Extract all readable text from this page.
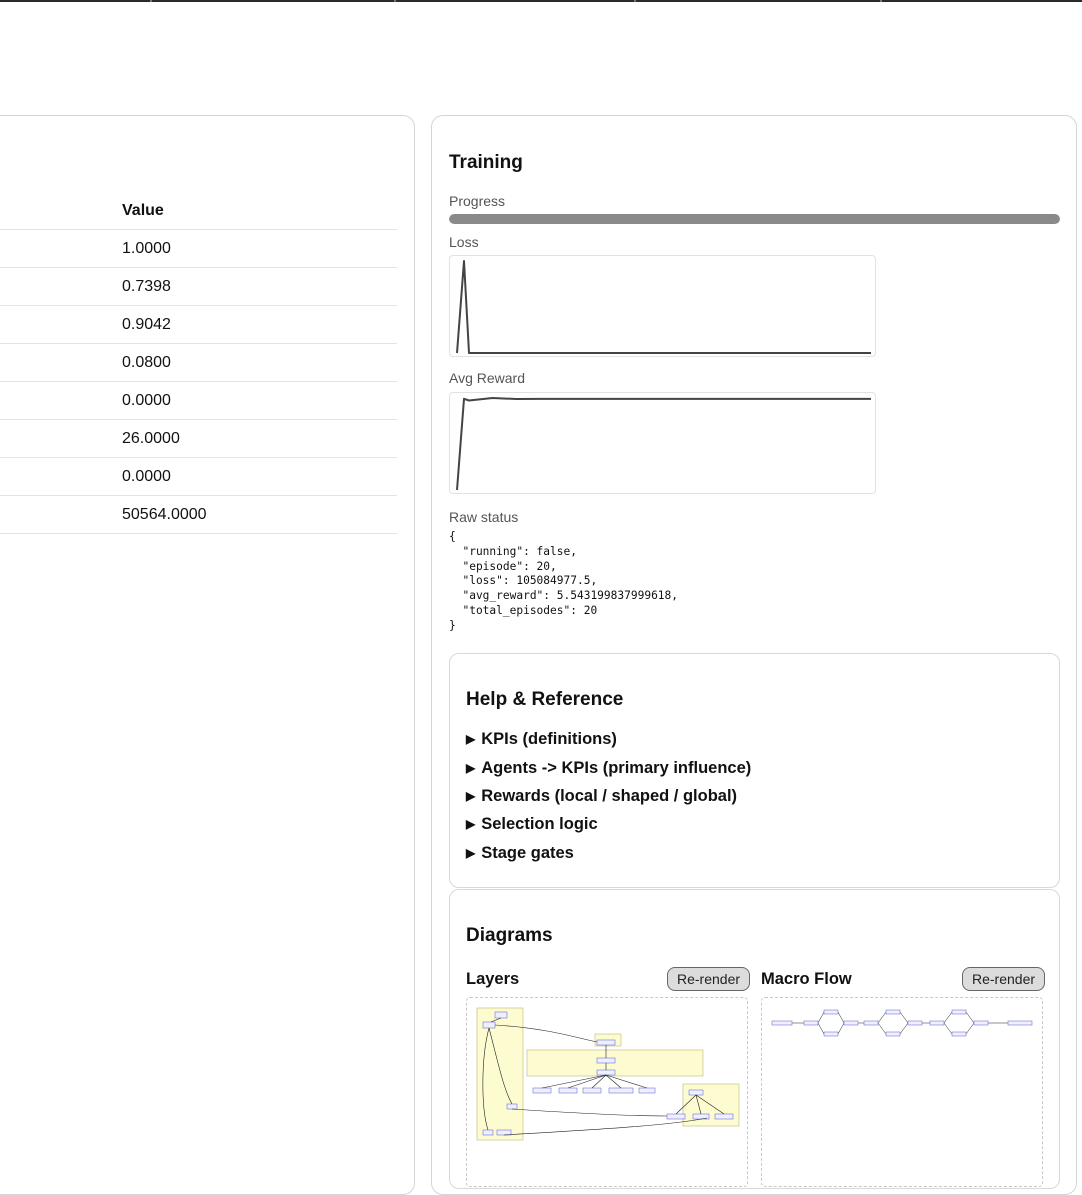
Value
1.0000
0.7398
0.9042
0.0800
0.0000
26.0000
0.0000
50564.0000
Training
Progress
Loss
Avg Reward
Raw status
{
"running": false,
"episode": 20,
"loss": 105084977.5,
"avg_reward": 5.543199837999618,
"total_episodes": 20
}
Help & Reference
▶ KPIs (definitions)
▶ Agents -> KPIs (primary influence)
▶ Rewards (local / shaped / global)
▶ Selection logic
▶ Stage gates
Diagrams
Layers	Re-render	Macro Flow	Re-render
